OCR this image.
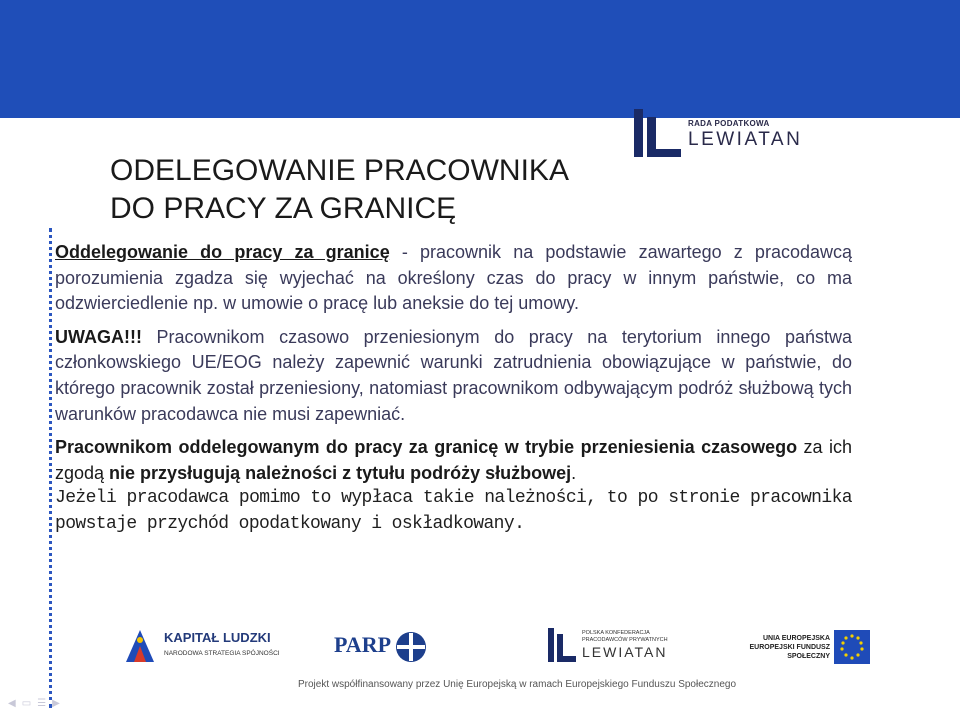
RADA PODATKOWA
LEWIATAN
ODELEGOWANIE PRACOWNIKA
DO PRACY ZA GRANICĘ

Oddelegowanie do pracy za granicę - pracownik na podstawie zawartego z pracodawcą porozumienia zgadza się wyjechać na określony czas do pracy w innym państwie, co ma odzwierciedlenie np. w umowie o pracę lub aneksie do tej umowy.

UWAGA!!! Pracownikom czasowo przeniesionym do pracy na terytorium innego państwa członkowskiego UE/EOG należy zapewnić warunki zatrudnienia obowiązujące w państwie, do którego pracownik został przeniesiony, natomiast pracownikom odbywającym podróż służbową tych warunków pracodawca nie musi zapewniać.

Pracownikom oddelegowanym do pracy za granicę w trybie przeniesienia czasowego za ich zgodą nie przysługują należności z tytułu podróży służbowej.

Jeżeli pracodawca pomimo to wypłaca takie należności, to po stronie pracownika powstaje przychód opodatkowany i oskładkowany.

KAPITAŁ LUDZKI
NARODOWA STRATEGIA SPÓJNOŚCI PARP	POLSKA KONFEDERACJA PRACODAWCÓW PRYWATNYCH
LEWIATAN
UNIA EUROPEJSKA EUROPEJSKI FUNDUSZ SPOŁECZNY
Projekt współfinansowany przez Unię Europejską w ramach Europejskiego Funduszu Społecznego
◀▭☰▶
